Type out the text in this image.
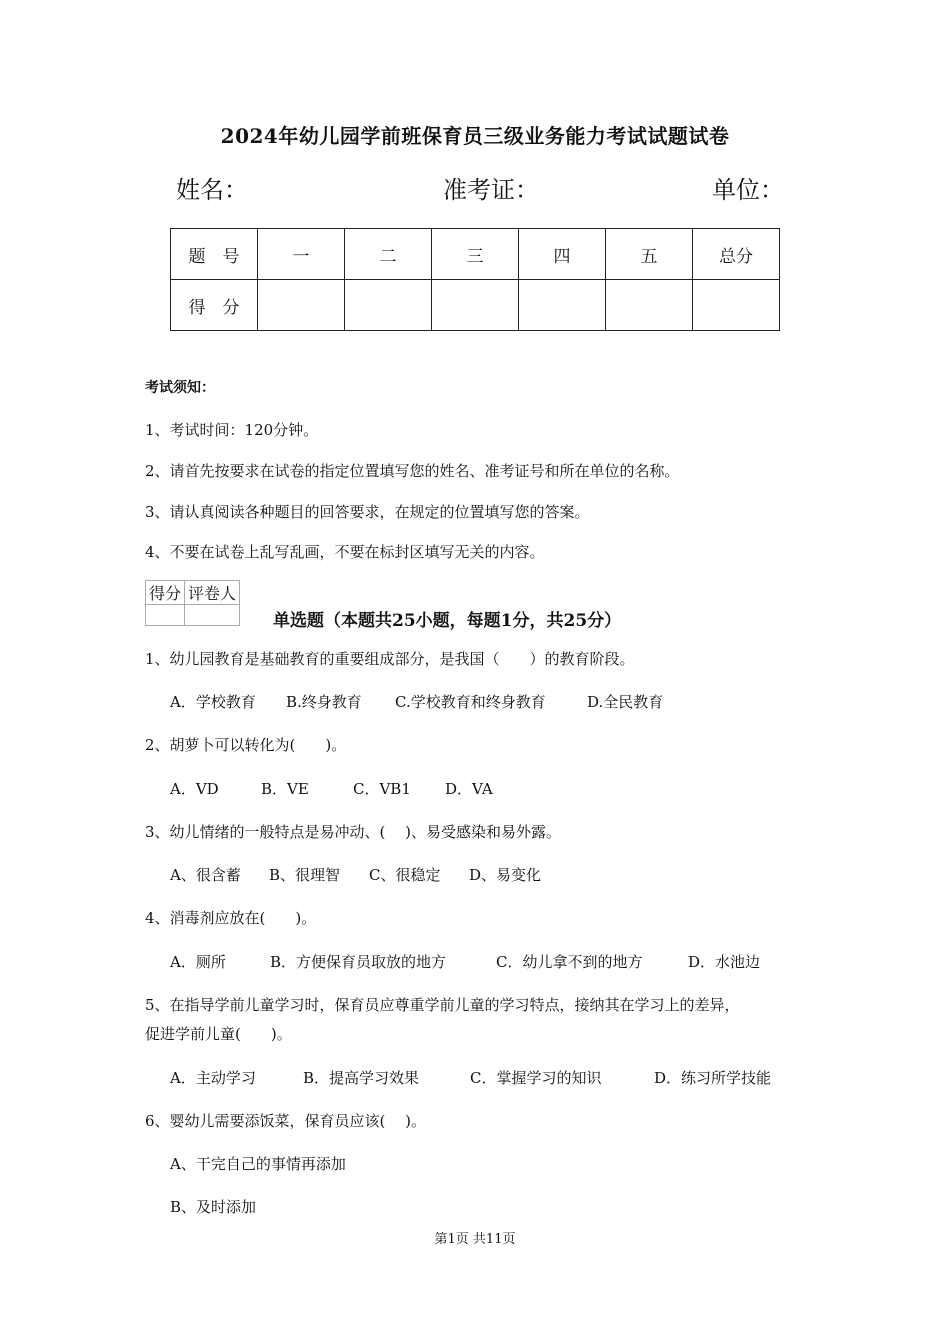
2024年幼儿园学前班保育员三级业务能力考试试题试卷
姓名：	准考证：	单位：
题　号	一	二	三	四	五	总分
得　分						
考试须知：
1、考试时间：120分钟。
2、请首先按要求在试卷的指定位置填写您的姓名、准考证号和所在单位的名称。
3、请认真阅读各种题目的回答要求，在规定的位置填写您的答案。
4、不要在试卷上乱写乱画，不要在标封区填写无关的内容。
得分	评卷人

单选题（本题共25小题，每题1分，共25分）
1、幼儿园教育是基础教育的重要组成部分，是我国（　　）的教育阶段。
A．学校教育 B.终身教育 C.学校教育和终身教育	D.全民教育
2、胡萝卜可以转化为(　　)。
A．VD	B．VE	C．VB1 D．VA
3、幼儿情绪的一般特点是易冲动、(　 )、易受感染和易外露。
A、很含蓄 B、很理智 C、很稳定 D、易变化
4、消毒剂应放在(　　)。
A．厕所	B．方便保育员取放的地方	C．幼儿拿不到的地方	D．水池边
5、在指导学前儿童学习时，保育员应尊重学前儿童的学习特点，接纳其在学习上的差异，
促进学前儿童(　　)。
A．主动学习	B．提高学习效果	C．掌握学习的知识	D．练习所学技能
6、婴幼儿需要添饭菜，保育员应该(　 )。
A、干完自己的事情再添加
B、及时添加
第1页 共11页
